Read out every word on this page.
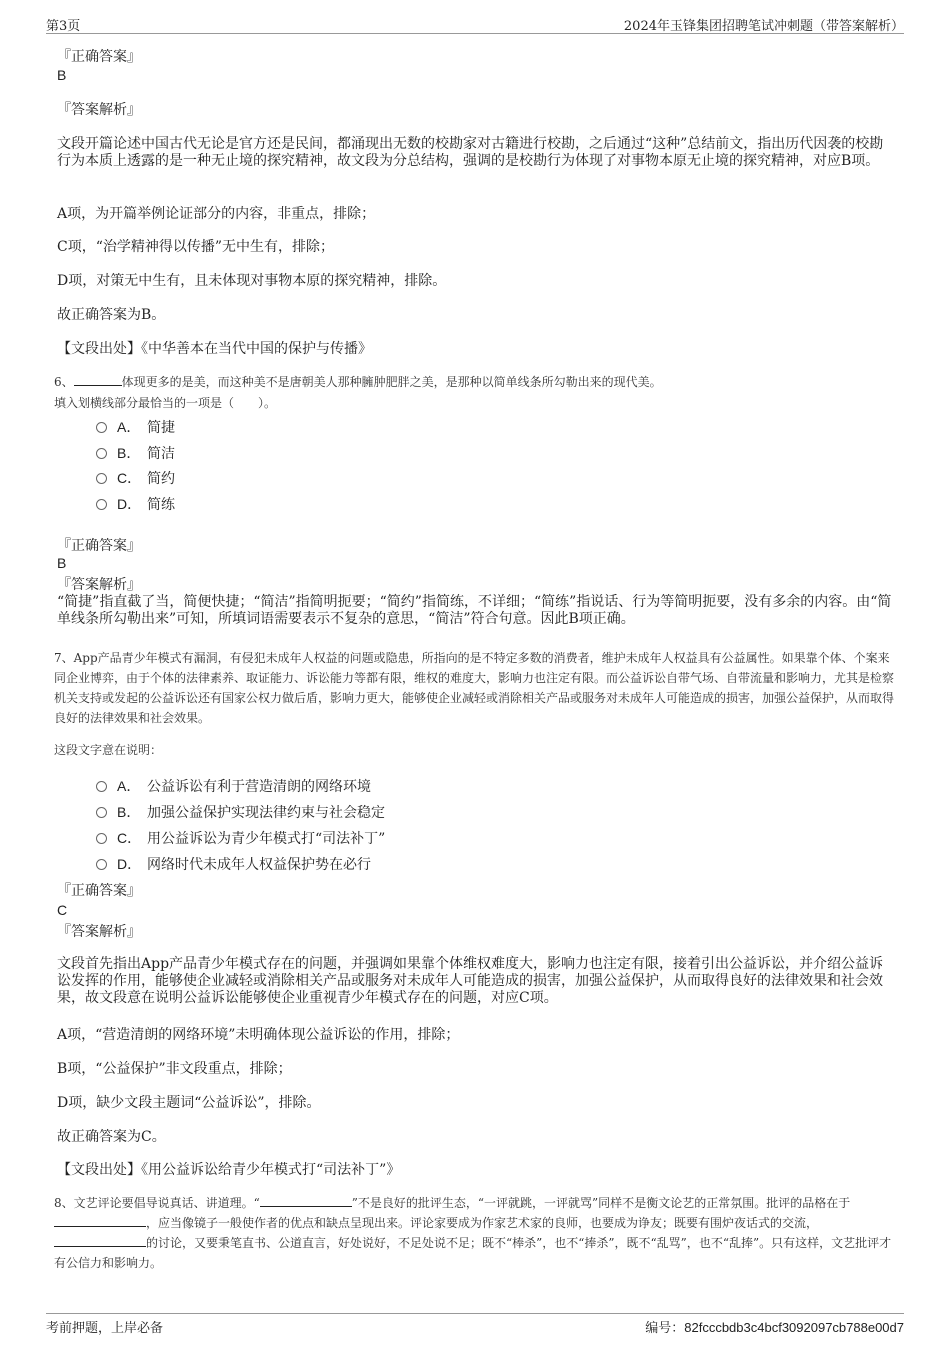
第3页	2024年玉锋集团招聘笔试冲刺题（带答案解析）
『正确答案』
B
『答案解析』
文段开篇论述中国古代无论是官方还是民间，都涌现出无数的校勘家对古籍进行校勘，之后通过“这种”总结前文，指出历代因袭的校勘行为本质上透露的是一种无止境的探究精神，故文段为分总结构，强调的是校勘行为体现了对事物本原无止境的探究精神，对应B项。
A项，为开篇举例论证部分的内容，非重点，排除；
C项，“治学精神得以传播”无中生有，排除；
D项，对策无中生有，且未体现对事物本原的探究精神，排除。
故正确答案为B。
【文段出处】《中华善本在当代中国的保护与传播》
6、	体现更多的是美，而这种美不是唐朝美人那种臃肿肥胖之美，是那种以简单线条所勾勒出来的现代美。
填入划横线部分最恰当的一项是（　　）。
A． 简捷
B． 简洁
C． 简约
D． 简练
『正确答案』
B
『答案解析』
“简捷”指直截了当，简便快捷；“简洁”指简明扼要；“简约”指简练，不详细；“简练”指说话、行为等简明扼要，没有多余的内容。由“简单线条所勾勒出来”可知，所填词语需要表示不复杂的意思，“简洁”符合句意。因此B项正确。
7、App产品青少年模式有漏洞，有侵犯未成年人权益的问题或隐患，所指向的是不特定多数的消费者，维护未成年人权益具有公益属性。如果靠个体、个案来同企业博弈，由于个体的法律素养、取证能力、诉讼能力等都有限，维权的难度大，影响力也注定有限。而公益诉讼自带气场、自带流量和影响力，尤其是检察机关支持或发起的公益诉讼还有国家公权力做后盾，影响力更大，能够使企业减轻或消除相关产品或服务对未成年人可能造成的损害，加强公益保护，从而取得良好的法律效果和社会效果。
这段文字意在说明：
A． 公益诉讼有利于营造清朗的网络环境
B． 加强公益保护实现法律约束与社会稳定
C． 用公益诉讼为青少年模式打“司法补丁”
D． 网络时代未成年人权益保护势在必行
『正确答案』
C
『答案解析』
文段首先指出App产品青少年模式存在的问题，并强调如果靠个体维权难度大，影响力也注定有限，接着引出公益诉讼，并介绍公益诉讼发挥的作用，能够使企业减轻或消除相关产品或服务对未成年人可能造成的损害，加强公益保护，从而取得良好的法律效果和社会效果，故文段意在说明公益诉讼能够使企业重视青少年模式存在的问题，对应C项。
A项，“营造清朗的网络环境”未明确体现公益诉讼的作用，排除；
B项，“公益保护”非文段重点，排除；
D项，缺少文段主题词“公益诉讼”，排除。
故正确答案为C。
【文段出处】《用公益诉讼给青少年模式打“司法补丁”》
8、文艺评论要倡导说真话、讲道理。“	”不是良好的批评生态，“一评就跳，一评就骂”同样不是衡文论艺的正常氛围。批评的品格在于，应当像镜子一般使作者的优点和缺点呈现出来。评论家要成为作家艺术家的良师，也要成为诤友；既要有围炉夜话式的交流，的讨论，又要秉笔直书、公道直言，好处说好，不足处说不足；既不“棒杀”，也不“捧杀”，既不“乱骂”，也不“乱捧”。只有这样，文艺批评才有公信力和影响力。
考前押题，上岸必备	编号：82fcccbdb3c4bcf3092097cb788e00d7
